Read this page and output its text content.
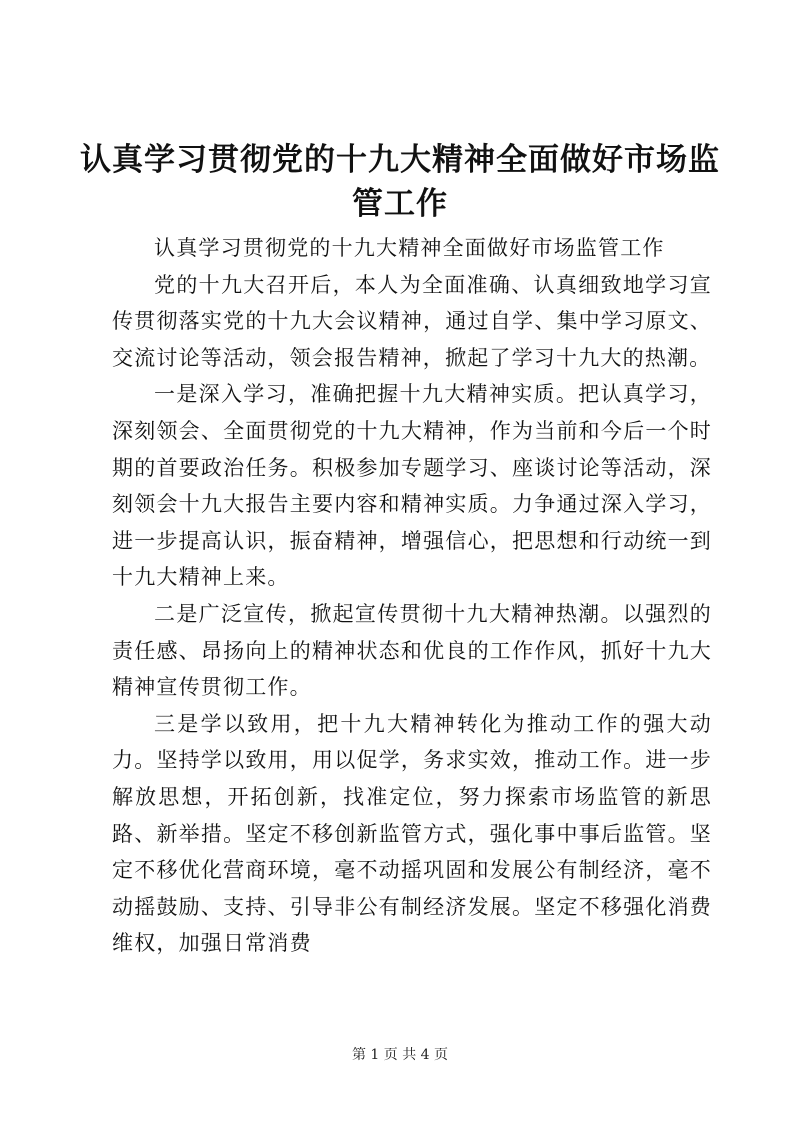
认真学习贯彻党的十九大精神全面做好市场监管工作

认真学习贯彻党的十九大精神全面做好市场监管工作

党的十九大召开后，本人为全面准确、认真细致地学习宣传贯彻落实党的十九大会议精神，通过自学、集中学习原文、交流讨论等活动，领会报告精神，掀起了学习十九大的热潮。

一是深入学习，准确把握十九大精神实质。把认真学习，深刻领会、全面贯彻党的十九大精神，作为当前和今后一个时期的首要政治任务。积极参加专题学习、座谈讨论等活动，深刻领会十九大报告主要内容和精神实质。力争通过深入学习，进一步提高认识，振奋精神，增强信心，把思想和行动统一到十九大精神上来。

二是广泛宣传，掀起宣传贯彻十九大精神热潮。以强烈的责任感、昂扬向上的精神状态和优良的工作作风，抓好十九大精神宣传贯彻工作。

三是学以致用，把十九大精神转化为推动工作的强大动力。坚持学以致用，用以促学，务求实效，推动工作。进一步解放思想，开拓创新，找准定位，努力探索市场监管的新思路、新举措。坚定不移创新监管方式，强化事中事后监管。坚定不移优化营商环境，毫不动摇巩固和发展公有制经济，毫不动摇鼓励、支持、引导非公有制经济发展。坚定不移强化消费维权，加强日常消费

第 1 页 共 4 页
